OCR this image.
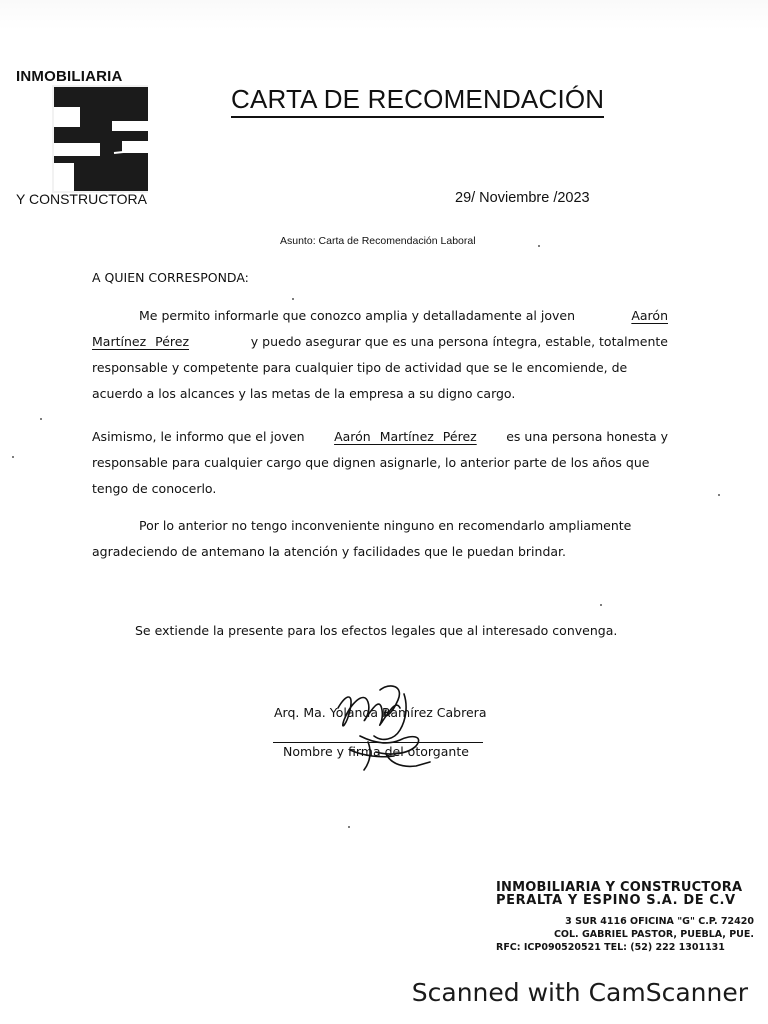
INMOBILIARIA
Y CONSTRUCTORA
CARTA DE RECOMENDACIÓN
29/ Noviembre /2023
Asunto: Carta de Recomendación Laboral
A QUIEN CORRESPONDA:
Me permito informarle que conozco amplia y detalladamente al joven	Aarón
Martínez Pérez	y puedo asegurar que es una persona íntegra, estable, totalmente
responsable y competente para cualquier tipo de actividad que se le encomiende, de
acuerdo a los alcances y las metas de la empresa a su digno cargo.
Asimismo, le informo que el joven Aarón Martínez Pérez es una persona honesta y
responsable para cualquier cargo que dignen asignarle, lo anterior parte de los años que
tengo de conocerlo.
Por lo anterior no tengo inconveniente ninguno en recomendarlo ampliamente
agradeciendo de antemano la atención y facilidades que le puedan brindar.
Se extiende la presente para los efectos legales que al interesado convenga.
Arq. Ma. Yolanda Ramírez Cabrera
Nombre y firma del otorgante
INMOBILIARIA Y CONSTRUCTORA
PERALTA Y ESPINO S.A. DE C.V
3 SUR 4116 OFICINA "G" C.P. 72420
COL. GABRIEL PASTOR, PUEBLA, PUE.
RFC: ICP090520521 TEL: (52) 222 1301131
Scanned with CamScanner
